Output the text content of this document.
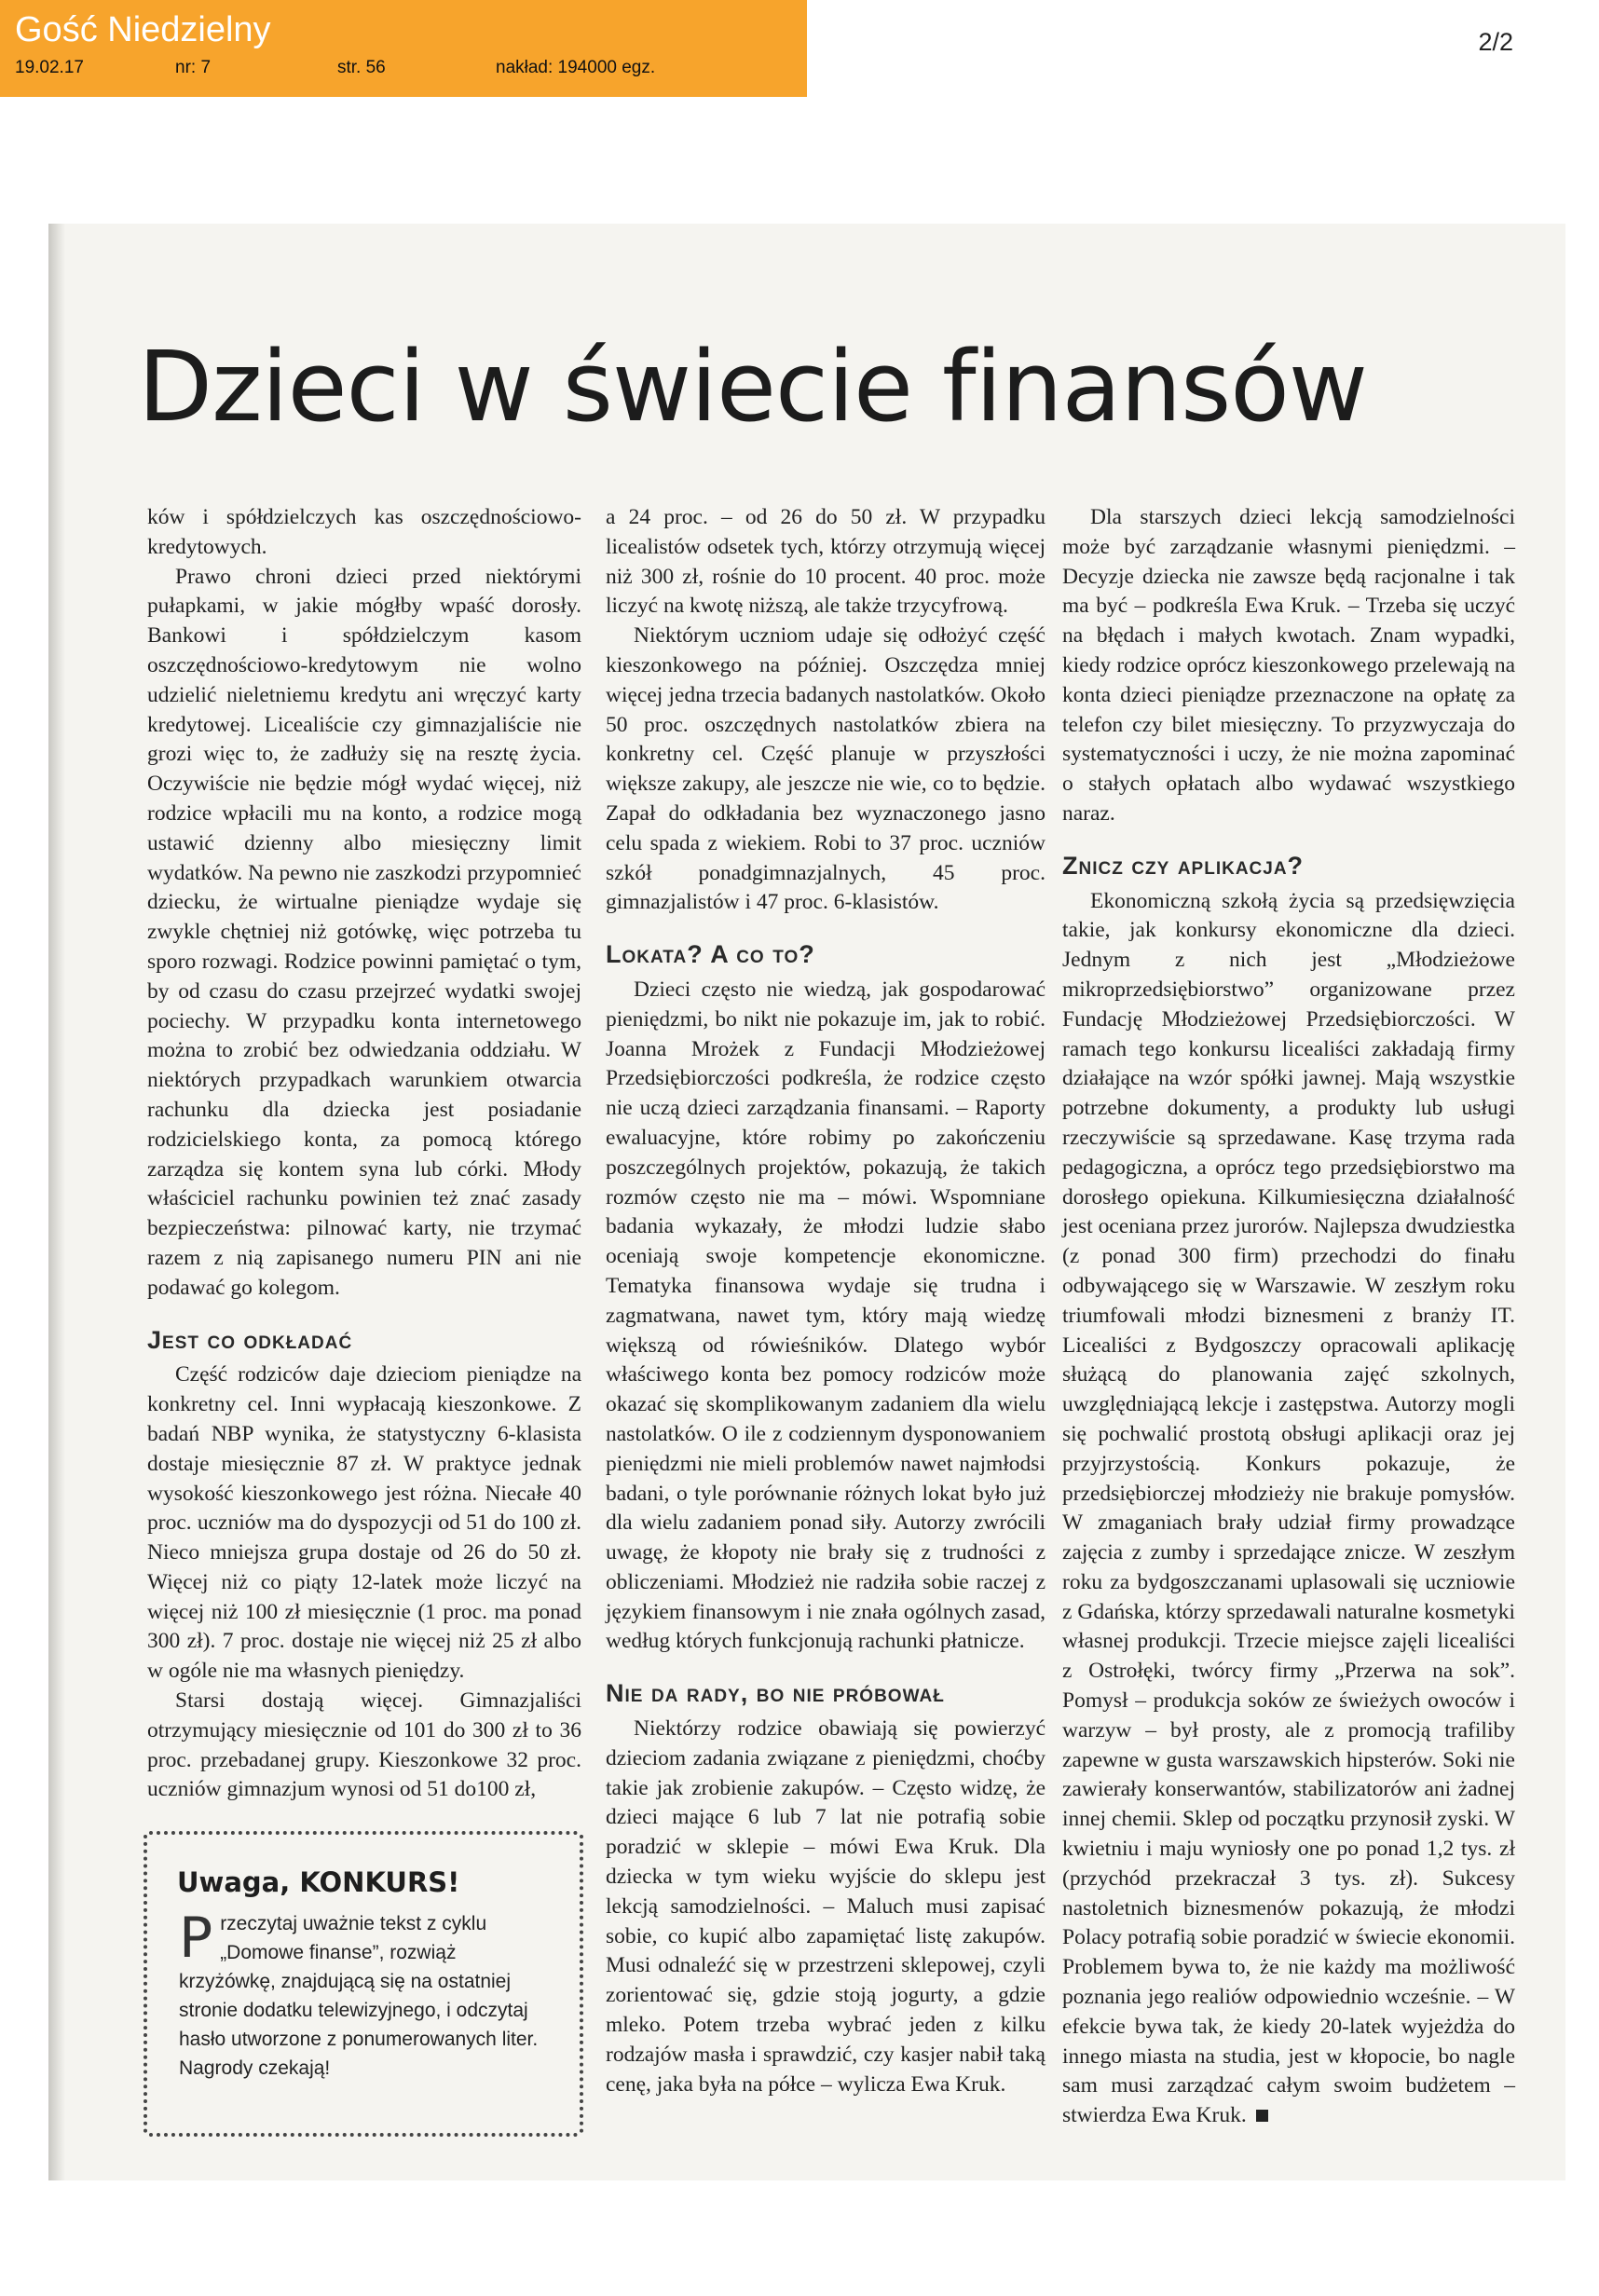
Gość Niedzielny
19.02.17	nr: 7	str. 56	nakład: 194000 egz.
2/2
Dzieci w świecie finansów

ków i spółdzielczych kas oszczędnościowo-kredytowych.

Prawo chroni dzieci przed niektórymi pułapkami, w jakie mógłby wpaść dorosły. Bankowi i spółdzielczym kasom oszczędnościowo-kredytowym nie wolno udzielić nieletniemu kredytu ani wręczyć karty kredytowej. Licealiście czy gimnazjaliście nie grozi więc to, że zadłuży się na resztę życia. Oczywiście nie będzie mógł wydać więcej, niż rodzice wpłacili mu na konto, a rodzice mogą ustawić dzienny albo miesięczny limit wydatków. Na pewno nie zaszkodzi przypomnieć dziecku, że wirtualne pieniądze wydaje się zwykle chętniej niż gotówkę, więc potrzeba tu sporo rozwagi. Rodzice powinni pamiętać o tym, by od czasu do czasu przejrzeć wydatki swojej pociechy. W przypadku konta internetowego można to zrobić bez odwiedzania oddziału. W niektórych przypadkach warunkiem otwarcia rachunku dla dziecka jest posiadanie rodzicielskiego konta, za pomocą którego zarządza się kontem syna lub córki. Młody właściciel rachunku powinien też znać zasady bezpieczeństwa: pilnować karty, nie trzymać razem z nią zapisanego numeru PIN ani nie podawać go kolegom.

Jest co odkładać

Część rodziców daje dzieciom pieniądze na konkretny cel. Inni wypłacają kieszonkowe. Z badań NBP wynika, że statystyczny 6-klasista dostaje miesięcznie 87 zł. W praktyce jednak wysokość kieszonkowego jest różna. Niecałe 40 proc. uczniów ma do dyspozycji od 51 do 100 zł. Nieco mniejsza grupa dostaje od 26 do 50 zł. Więcej niż co piąty 12-latek może liczyć na więcej niż 100 zł miesięcznie (1 proc. ma ponad 300 zł). 7 proc. dostaje nie więcej niż 25 zł albo w ogóle nie ma własnych pieniędzy.

Starsi dostają więcej. Gimnazjaliści otrzymujący miesięcznie od 101 do 300 zł to 36 proc. przebadanej grupy. Kieszonkowe 32 proc. uczniów gimnazjum wynosi od 51 do100 zł,

Uwaga, KONKURS!
P rzeczytaj uważnie tekst z cyklu „Domowe finanse”, rozwiąż krzyżówkę, znajdującą się na ostatniej stronie dodatku telewizyjnego, i odczytaj hasło utworzone z ponumerowanych liter. Nagrody czekają!

a 24 proc. – od 26 do 50 zł. W przypadku licealistów odsetek tych, którzy otrzymują więcej niż 300 zł, rośnie do 10 procent. 40 proc. może liczyć na kwotę niższą, ale także trzycyfrową.

Niektórym uczniom udaje się odłożyć część kieszonkowego na później. Oszczędza mniej więcej jedna trzecia badanych nastolatków. Około 50 proc. oszczędnych nastolatków zbiera na konkretny cel. Część planuje w przyszłości większe zakupy, ale jeszcze nie wie, co to będzie. Zapał do odkładania bez wyznaczonego jasno celu spada z wiekiem. Robi to 37 proc. uczniów szkół ponadgimnazjalnych, 45 proc. gimnazjalistów i 47 proc. 6-klasistów.

Lokata? A co to?

Dzieci często nie wiedzą, jak gospodarować pieniędzmi, bo nikt nie pokazuje im, jak to robić. Joanna Mrożek z Fundacji Młodzieżowej Przedsiębiorczości podkreśla, że rodzice często nie uczą dzieci zarządzania finansami. – Raporty ewaluacyjne, które robimy po zakończeniu poszczególnych projektów, pokazują, że takich rozmów często nie ma – mówi. Wspomniane badania wykazały, że młodzi ludzie słabo oceniają swoje kompetencje ekonomiczne. Tematyka finansowa wydaje się trudna i zagmatwana, nawet tym, który mają wiedzę większą od rówieśników. Dlatego wybór właściwego konta bez pomocy rodziców może okazać się skomplikowanym zadaniem dla wielu nastolatków. O ile z codziennym dysponowaniem pieniędzmi nie mieli problemów nawet najmłodsi badani, o tyle porównanie różnych lokat było już dla wielu zadaniem ponad siły. Autorzy zwrócili uwagę, że kłopoty nie brały się z trudności z obliczeniami. Młodzież nie radziła sobie raczej z językiem finansowym i nie znała ogólnych zasad, według których funkcjonują rachunki płatnicze.

Nie da rady, bo nie próbował

Niektórzy rodzice obawiają się powierzyć dzieciom zadania związane z pieniędzmi, choćby takie jak zrobienie zakupów. – Często widzę, że dzieci mające 6 lub 7 lat nie potrafią sobie poradzić w sklepie – mówi Ewa Kruk. Dla dziecka w tym wieku wyjście do sklepu jest lekcją samodzielności. – Maluch musi zapisać sobie, co kupić albo zapamiętać listę zakupów. Musi odnaleźć się w przestrzeni sklepowej, czyli zorientować się, gdzie stoją jogurty, a gdzie mleko. Potem trzeba wybrać jeden z kilku rodzajów masła i sprawdzić, czy kasjer nabił taką cenę, jaka była na półce – wylicza Ewa Kruk.

Dla starszych dzieci lekcją samodzielności może być zarządzanie własnymi pieniędzmi. – Decyzje dziecka nie zawsze będą racjonalne i tak ma być – podkreśla Ewa Kruk. – Trzeba się uczyć na błędach i małych kwotach. Znam wypadki, kiedy rodzice oprócz kieszonkowego przelewają na konta dzieci pieniądze przeznaczone na opłatę za telefon czy bilet miesięczny. To przyzwyczaja do systematyczności i uczy, że nie można zapominać o stałych opłatach albo wydawać wszystkiego naraz.

Znicz czy aplikacja?

Ekonomiczną szkołą życia są przedsięwzięcia takie, jak konkursy ekonomiczne dla dzieci. Jednym z nich jest „Młodzieżowe mikroprzedsiębiorstwo” organizowane przez Fundację Młodzieżowej Przedsiębiorczości. W ramach tego konkursu licealiści zakładają firmy działające na wzór spółki jawnej. Mają wszystkie potrzebne dokumenty, a produkty lub usługi rzeczywiście są sprzedawane. Kasę trzyma rada pedagogiczna, a oprócz tego przedsiębiorstwo ma dorosłego opiekuna. Kilkumiesięczna działalność jest oceniana przez jurorów. Najlepsza dwudziestka (z ponad 300 firm) przechodzi do finału odbywającego się w Warszawie. W zeszłym roku triumfowali młodzi biznesmeni z branży IT. Licealiści z Bydgoszczy opracowali aplikację służącą do planowania zajęć szkolnych, uwzględniającą lekcje i zastępstwa. Autorzy mogli się pochwalić prostotą obsługi aplikacji oraz jej przyjrzystością. Konkurs pokazuje, że przedsiębiorczej młodzieży nie brakuje pomysłów. W zmaganiach brały udział firmy prowadzące zajęcia z zumby i sprzedające znicze. W zeszłym roku za bydgoszczanami uplasowali się uczniowie z Gdańska, którzy sprzedawali naturalne kosmetyki własnej produkcji. Trzecie miejsce zajęli licealiści z Ostrołęki, twórcy firmy „Przerwa na sok”. Pomysł – produkcja soków ze świeżych owoców i warzyw – był prosty, ale z promocją trafiliby zapewne w gusta warszawskich hipsterów. Soki nie zawierały konserwantów, stabilizatorów ani żadnej innej chemii. Sklep od początku przynosił zyski. W kwietniu i maju wyniosły one po ponad 1,2 tys. zł (przychód przekraczał 3 tys. zł). Sukcesy nastoletnich biznesmenów pokazują, że młodzi Polacy potrafią sobie poradzić w świecie ekonomii. Problemem bywa to, że nie każdy ma możliwość poznania jego realiów odpowiednio wcześnie. – W efekcie bywa tak, że kiedy 20-latek wyjeżdża do innego miasta na studia, jest w kłopocie, bo nagle sam musi zarządzać całym swoim budżetem – stwierdza Ewa Kruk.
